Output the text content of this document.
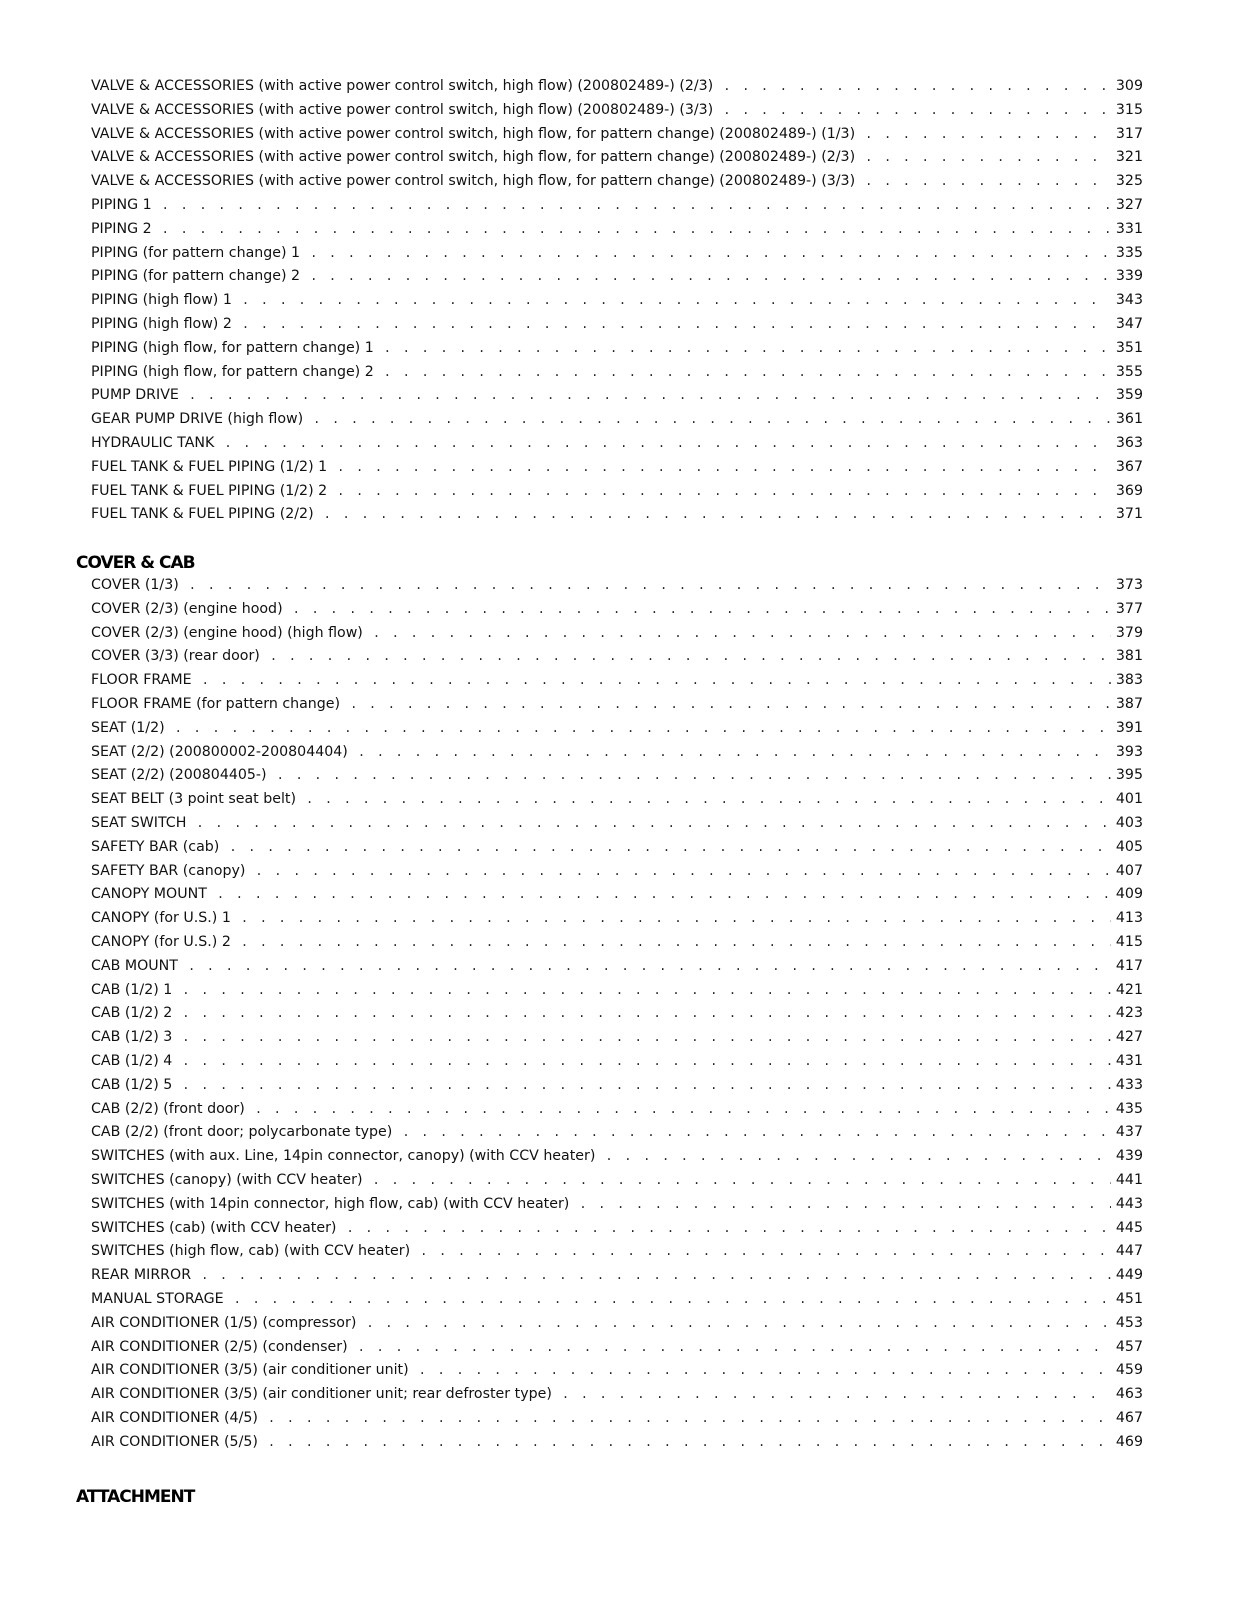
VALVE & ACCESSORIES (with active power control switch, high flow) (200802489-) (2/3) . . .	309
VALVE & ACCESSORIES (with active power control switch, high flow) (200802489-) (3/3) . . .	315
VALVE & ACCESSORIES (with active power control switch, high flow, for pattern change) (200802489-) (1/3) . . .	317
VALVE & ACCESSORIES (with active power control switch, high flow, for pattern change) (200802489-) (2/3) . . .	321
VALVE & ACCESSORIES (with active power control switch, high flow, for pattern change) (200802489-) (3/3) . . .	325
PIPING 1 . . .	327
PIPING 2 . . .	331
PIPING (for pattern change) 1 . . .	335
PIPING (for pattern change) 2 . . .	339
PIPING (high flow) 1 . . .	343
PIPING (high flow) 2 . . .	347
PIPING (high flow, for pattern change) 1 . . .	351
PIPING (high flow, for pattern change) 2 . . .	355
PUMP DRIVE . . .	359
GEAR PUMP DRIVE (high flow) . . .	361
HYDRAULIC TANK . . .	363
FUEL TANK & FUEL PIPING (1/2) 1 . . .	367
FUEL TANK & FUEL PIPING (1/2) 2 . . .	369
FUEL TANK & FUEL PIPING (2/2) . . .	371
COVER & CAB
COVER (1/3) . . .	373
COVER (2/3) (engine hood) . . .	377
COVER (2/3) (engine hood) (high flow) . . .	379
COVER (3/3) (rear door) . . .	381
FLOOR FRAME . . .	383
FLOOR FRAME (for pattern change) . . .	387
SEAT (1/2) . . .	391
SEAT (2/2) (200800002-200804404) . . .	393
SEAT (2/2) (200804405-) . . .	395
SEAT BELT (3 point seat belt) . . .	401
SEAT SWITCH . . .	403
SAFETY BAR (cab) . . .	405
SAFETY BAR (canopy) . . .	407
CANOPY MOUNT . . .	409
CANOPY (for U.S.) 1 . . .	413
CANOPY (for U.S.) 2 . . .	415
CAB MOUNT . . .	417
CAB (1/2) 1 . . .	421
CAB (1/2) 2 . . .	423
CAB (1/2) 3 . . .	427
CAB (1/2) 4 . . .	431
CAB (1/2) 5 . . .	433
CAB (2/2) (front door) . . .	435
CAB (2/2) (front door; polycarbonate type) . . .	437
SWITCHES (with aux. Line, 14pin connector, canopy) (with CCV heater) . . .	439
SWITCHES (canopy) (with CCV heater) . . .	441
SWITCHES (with 14pin connector, high flow, cab) (with CCV heater) . . .	443
SWITCHES (cab) (with CCV heater) . . .	445
SWITCHES (high flow, cab) (with CCV heater) . . .	447
REAR MIRROR . . .	449
MANUAL STORAGE . . .	451
AIR CONDITIONER (1/5) (compressor) . . .	453
AIR CONDITIONER (2/5) (condenser) . . .	457
AIR CONDITIONER (3/5) (air conditioner unit) . . .	459
AIR CONDITIONER (3/5) (air conditioner unit; rear defroster type) . . .	463
AIR CONDITIONER (4/5) . . .	467
AIR CONDITIONER (5/5) . . .	469
ATTACHMENT
